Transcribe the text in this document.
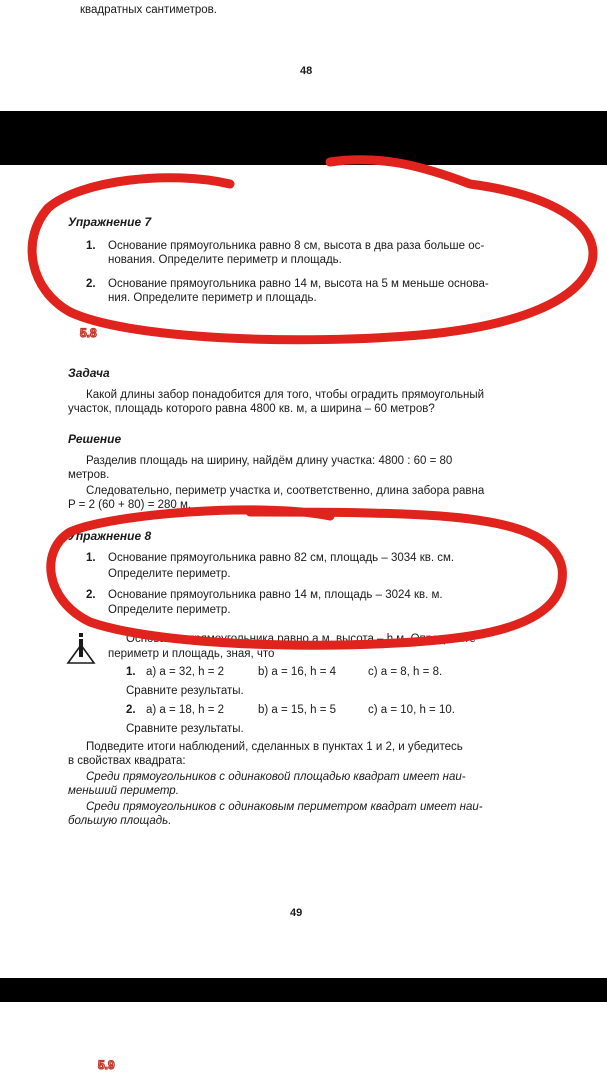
квадратных сантиметров.
48
Упражнение 7
1. Основание прямоугольника равно 8 см, высота в два раза больше ос-
нования. Определите периметр и площадь.
2. Основание прямоугольника равно 14 м, высота на 5 м меньше основа-
ния. Определите периметр и площадь.
5.8
Задача
Какой длины забор понадобится для того, чтобы оградить прямоугольный
участок, площадь которого равна 4800 кв. м, а ширина – 60 метров?
Решение
Разделив площадь на ширину, найдём длину участка: 4800 : 60 = 80
метров.
Следовательно, периметр участка и, соответственно, длина забора равна
P = 2 (60 + 80) = 280 м.
Упражнение 8
1. Основание прямоугольника равно 82 см, площадь – 3034 кв. см.
Определите периметр.
2. Основание прямоугольника равно 14 м, площадь – 3024 кв. м.
Определите периметр.
Основание прямоугольника равно a м, высота – h м. Определите
периметр и площадь, зная, что
1. a) a = 32, h = 2	b) a = 16, h = 4	c) a = 8, h = 8.
Сравните результаты.
2. a) a = 18, h = 2	b) a = 15, h = 5	c) a = 10, h = 10.
Сравните результаты.
Подведите итоги наблюдений, сделанных в пунктах 1 и 2, и убедитесь
в свойствах квадрата:
Среди прямоугольников с одинаковой площадью квадрат имеет наи-
меньший периметр.
Среди прямоугольников с одинаковым периметром квадрат имеет наи-
большую площадь.
49
5.9
